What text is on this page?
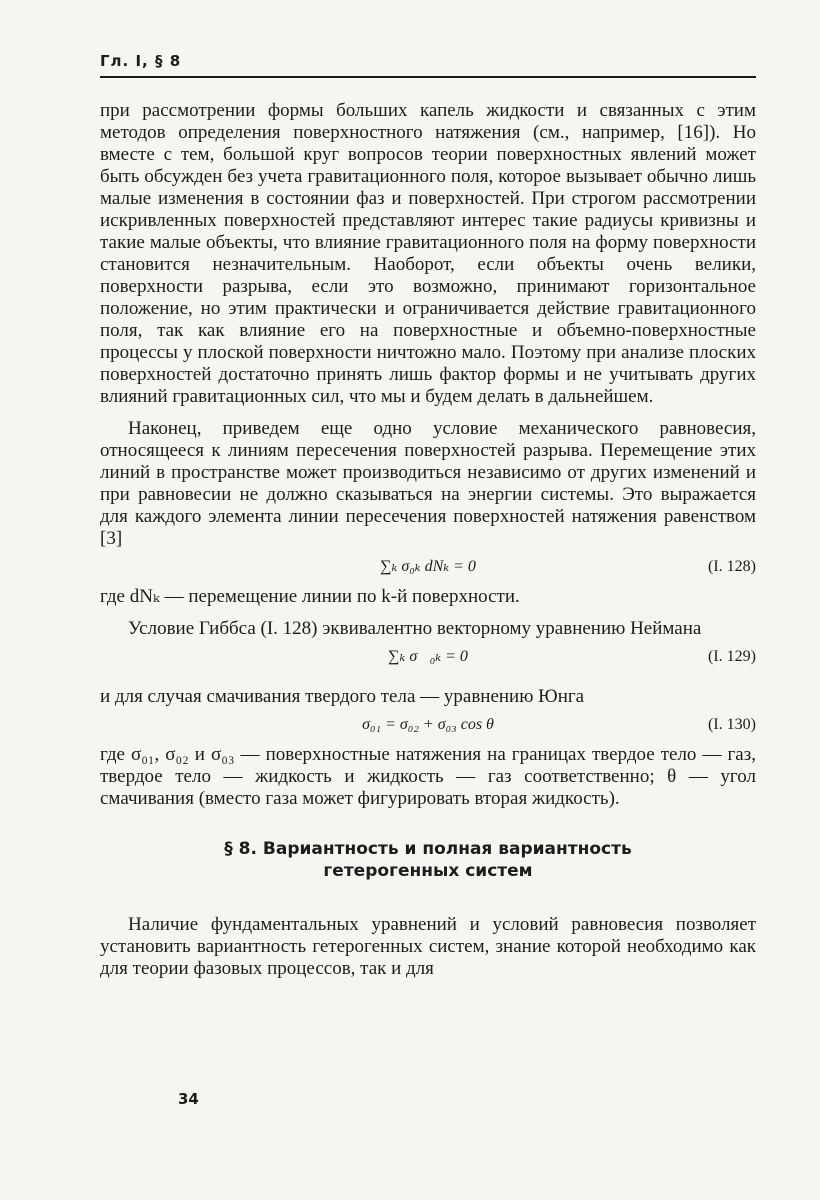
Гл. I, § 8

при рассмотрении формы больших капель жидкости и связанных с этим методов определения поверхностного натяжения (см., например, [16]). Но вместе с тем, большой круг вопросов теории поверхностных явлений может быть обсужден без учета гравитационного поля, которое вызывает обычно лишь малые изменения в состоянии фаз и поверхностей. При строгом рассмотрении искривленных поверхностей представляют интерес такие радиусы кривизны и такие малые объекты, что влияние гравитационного поля на форму поверхности становится незначительным. Наоборот, если объекты очень велики, поверхности разрыва, если это возможно, принимают горизонтальное положение, но этим практически и ограничивается действие гравитационного поля, так как влияние его на поверхностные и объемно-поверхностные процессы у плоской поверхности ничтожно мало. Поэтому при анализе плоских поверхностей достаточно принять лишь фактор формы и не учитывать других влияний гравитационных сил, что мы и будем делать в дальнейшем.

Наконец, приведем еще одно условие механического равновесия, относящееся к линиям пересечения поверхностей разрыва. Перемещение этих линий в пространстве может производиться независимо от других изменений и при равновесии не должно сказываться на энергии системы. Это выражается для каждого элемента линии пересечения поверхностей натяжения равенством [3]

∑ₖ σ₀ₖ dNₖ = 0	(I. 128)

где dNₖ — перемещение линии по k-й поверхности.

Условие Гиббса (I. 128) эквивалентно векторному уравнению Неймана

∑ₖ σ⃗₀ₖ = 0	(I. 129)

и для случая смачивания твердого тела — уравнению Юнга

σ₀₁ = σ₀₂ + σ₀₃ cos θ	(I. 130)

где σ₀₁, σ₀₂ и σ₀₃ — поверхностные натяжения на границах твердое тело — газ, твердое тело — жидкость и жидкость — газ соответственно; θ — угол смачивания (вместо газа может фигурировать вторая жидкость).

§ 8. Вариантность и полная вариантность
гетерогенных систем

Наличие фундаментальных уравнений и условий равновесия позволяет установить вариантность гетерогенных систем, знание которой необходимо как для теории фазовых процессов, так и для

34
